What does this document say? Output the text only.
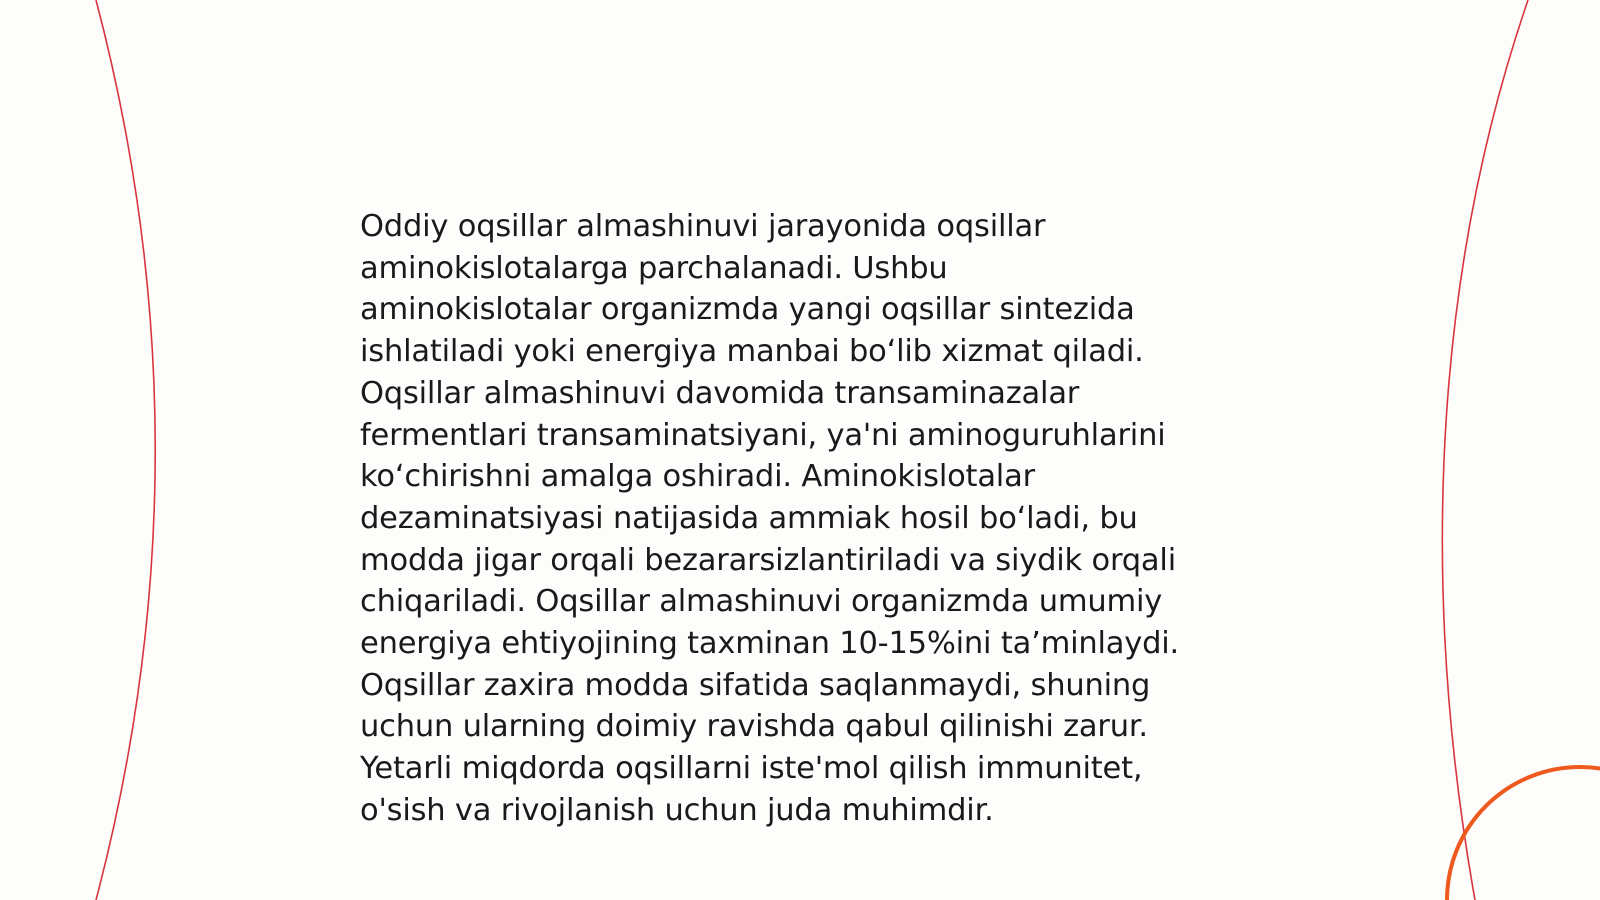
Oddiy oqsillar almashinuvi jarayonida oqsillar
aminokislotalarga parchalanadi. Ushbu
aminokislotalar organizmda yangi oqsillar sintezida
ishlatiladi yoki energiya manbai boʻlib xizmat qiladi.
Oqsillar almashinuvi davomida transaminazalar
fermentlari transaminatsiyani, ya'ni aminoguruhlarini
koʻchirishni amalga oshiradi. Aminokislotalar
dezaminatsiyasi natijasida ammiak hosil boʻladi, bu
modda jigar orqali bezararsizlantiriladi va siydik orqali
chiqariladi. Oqsillar almashinuvi organizmda umumiy
energiya ehtiyojining taxminan 10-15%ini taʼminlaydi.
Oqsillar zaxira modda sifatida saqlanmaydi, shuning
uchun ularning doimiy ravishda qabul qilinishi zarur.
Yetarli miqdorda oqsillarni iste'mol qilish immunitet,
o'sish va rivojlanish uchun juda muhimdir.
